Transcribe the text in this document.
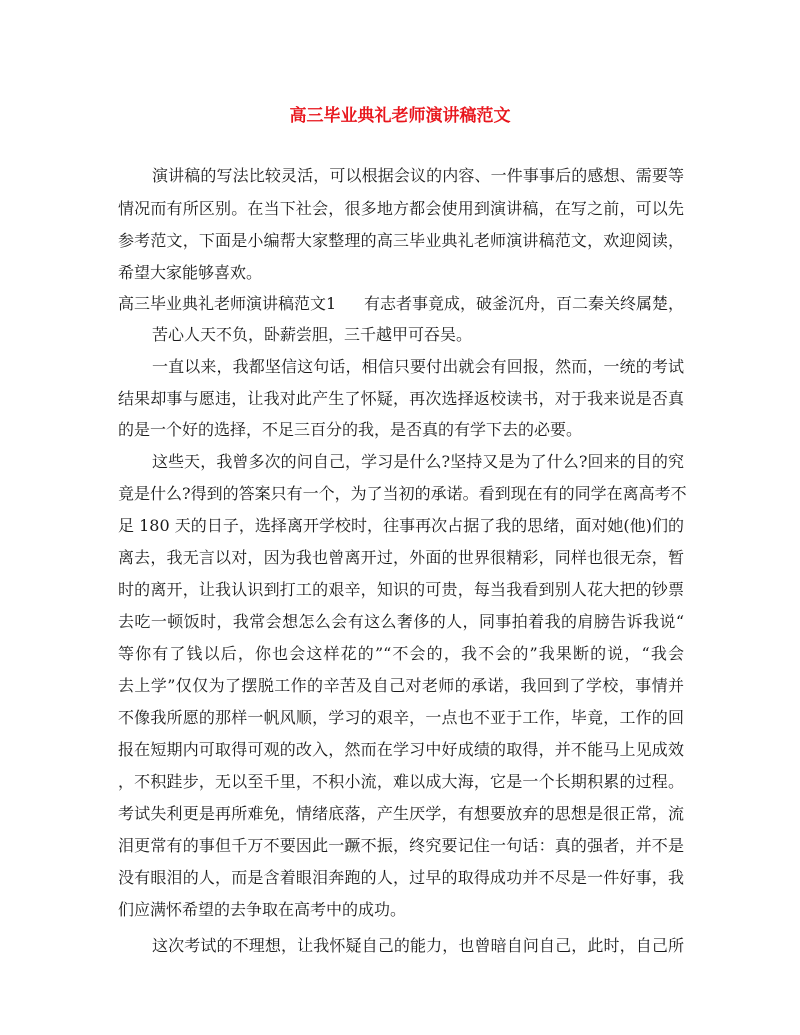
高三毕业典礼老师演讲稿范文
演讲稿的写法比较灵活，可以根据会议的内容、一件事事后的感想、需要等
情况而有所区别。在当下社会，很多地方都会使用到演讲稿，在写之前，可以先
参考范文，下面是小编帮大家整理的高三毕业典礼老师演讲稿范文，欢迎阅读，
希望大家能够喜欢。
高三毕业典礼老师演讲稿范文1 有志者事竟成，破釜沉舟，百二秦关终属楚，
苦心人天不负，卧薪尝胆，三千越甲可吞吴。
一直以来，我都坚信这句话，相信只要付出就会有回报，然而，一统的考试
结果却事与愿违，让我对此产生了怀疑，再次选择返校读书，对于我来说是否真
的是一个好的选择，不足三百分的我，是否真的有学下去的必要。
这些天，我曾多次的问自己，学习是什么?坚持又是为了什么?回来的目的究
竟是什么?得到的答案只有一个，为了当初的承诺。看到现在有的同学在离高考不
足 180 天的日子，选择离开学校时，往事再次占据了我的思绪，面对她(他)们的
离去，我无言以对，因为我也曾离开过，外面的世界很精彩，同样也很无奈，暂
时的离开，让我认识到打工的艰辛，知识的可贵，每当我看到别人花大把的钞票
去吃一顿饭时，我常会想怎么会有这么奢侈的人，同事拍着我的肩膀告诉我说“
等你有了钱以后，你也会这样花的”“不会的，我不会的”我果断的说，“我会
去上学”仅仅为了摆脱工作的辛苦及自己对老师的承诺，我回到了学校，事情并
不像我所愿的那样一帆风顺，学习的艰辛，一点也不亚于工作，毕竟，工作的回
报在短期内可取得可观的改入，然而在学习中好成绩的取得，并不能马上见成效
，不积跬步，无以至千里，不积小流，难以成大海，它是一个长期积累的过程。
考试失利更是再所难免，情绪底落，产生厌学，有想要放弃的思想是很正常，流
泪更常有的事但千万不要因此一蹶不振，终究要记住一句话：真的强者，并不是
没有眼泪的人，而是含着眼泪奔跑的人，过早的取得成功并不尽是一件好事，我
们应满怀希望的去争取在高考中的成功。
这次考试的不理想，让我怀疑自己的能力，也曾暗自问自己，此时，自己所
